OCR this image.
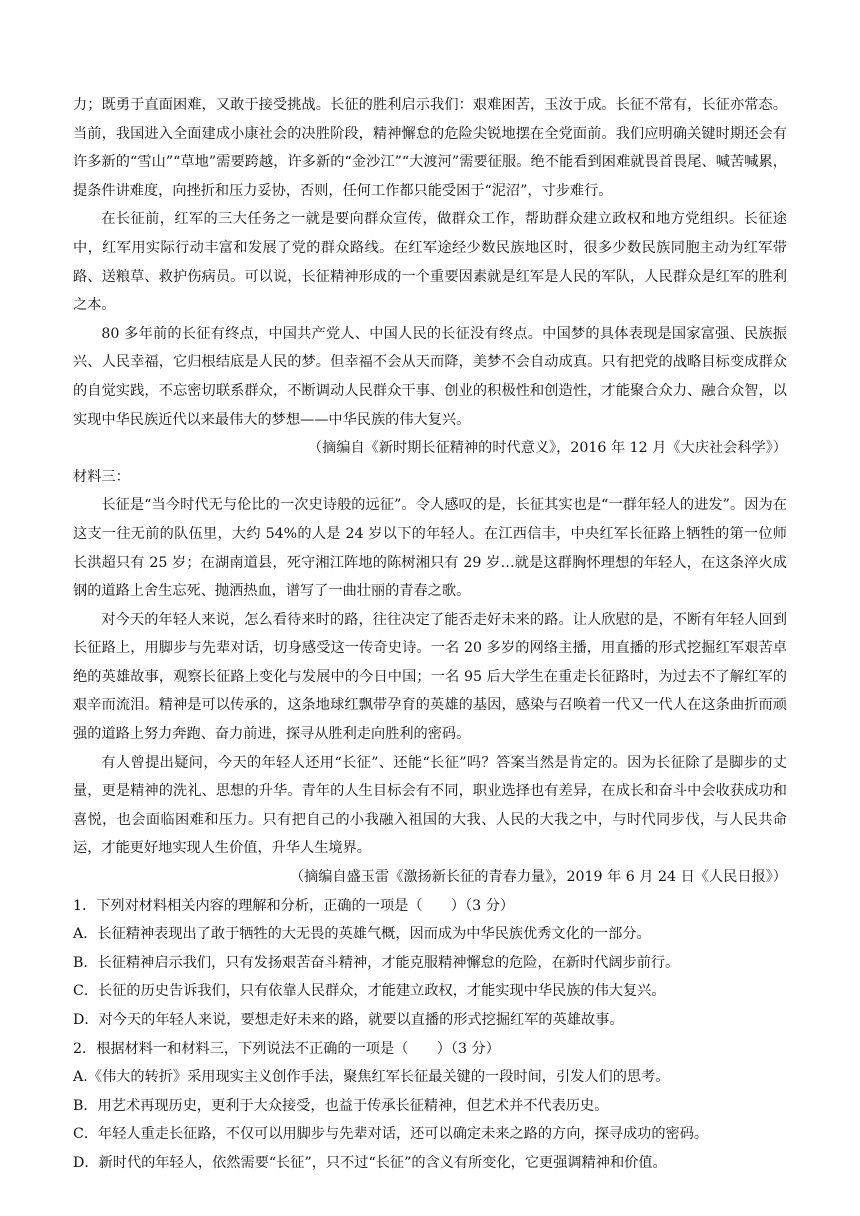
力；既勇于直面困难，又敢于接受挑战。长征的胜利启示我们：艰难困苦，玉汝于成。长征不常有，长征亦常态。当前，我国进入全面建成小康社会的决胜阶段，精神懈怠的危险尖锐地摆在全党面前。我们应明确关键时期还会有许多新的“雪山”“草地”需要跨越，许多新的“金沙江”“大渡河”需要征服。绝不能看到困难就畏首畏尾、喊苦喊累，提条件讲难度，向挫折和压力妥协，否则，任何工作都只能受困于“泥沼”，寸步难行。

在长征前，红军的三大任务之一就是要向群众宣传，做群众工作，帮助群众建立政权和地方党组织。长征途中，红军用实际行动丰富和发展了党的群众路线。在红军途经少数民族地区时，很多少数民族同胞主动为红军带路、送粮草、救护伤病员。可以说，长征精神形成的一个重要因素就是红军是人民的军队，人民群众是红军的胜利之本。

80 多年前的长征有终点，中国共产党人、中国人民的长征没有终点。中国梦的具体表现是国家富强、民族振兴、人民幸福，它归根结底是人民的梦。但幸福不会从天而降，美梦不会自动成真。只有把党的战略目标变成群众的自觉实践，不忘密切联系群众，不断调动人民群众干事、创业的积极性和创造性，才能聚合众力、融合众智，以实现中华民族近代以来最伟大的梦想——中华民族的伟大复兴。

（摘编自《新时期长征精神的时代意义》，2016 年 12 月《大庆社会科学》）

材料三：

长征是“当今时代无与伦比的一次史诗般的远征”。令人感叹的是，长征其实也是“一群年轻人的进发”。因为在这支一往无前的队伍里，大约 54%的人是 24 岁以下的年轻人。在江西信丰，中央红军长征路上牺牲的第一位师长洪超只有 25 岁；在湖南道县，死守湘江阵地的陈树湘只有 29 岁…就是这群胸怀理想的年轻人，在这条淬火成钢的道路上舍生忘死、抛洒热血，谱写了一曲壮丽的青春之歌。

对今天的年轻人来说，怎么看待来时的路，往往决定了能否走好未来的路。让人欣慰的是，不断有年轻人回到长征路上，用脚步与先辈对话，切身感受这一传奇史诗。一名 20 多岁的网络主播，用直播的形式挖掘红军艰苦卓绝的英雄故事，观察长征路上变化与发展中的今日中国；一名 95 后大学生在重走长征路时，为过去不了解红军的艰辛而流泪。精神是可以传承的，这条地球红飘带孕育的英雄的基因，感染与召唤着一代又一代人在这条曲折而顽强的道路上努力奔跑、奋力前进，探寻从胜利走向胜利的密码。

有人曾提出疑问，今天的年轻人还用“长征”、还能“长征”吗？答案当然是肯定的。因为长征除了是脚步的丈量，更是精神的洗礼、思想的升华。青年的人生目标会有不同，职业选择也有差异，在成长和奋斗中会收获成功和喜悦，也会面临困难和压力。只有把自己的小我融入祖国的大我、人民的大我之中，与时代同步伐，与人民共命运，才能更好地实现人生价值，升华人生境界。

（摘编自盛玉雷《激扬新长征的青春力量》，2019 年 6 月 24 日《人民日报》）

1．下列对材料相关内容的理解和分析，正确的一项是（　　）（3 分）

A．长征精神表现出了敢于牺牲的大无畏的英雄气概，因而成为中华民族优秀文化的一部分。

B．长征精神启示我们，只有发扬艰苦奋斗精神，才能克服精神懈怠的危险，在新时代阔步前行。

C．长征的历史告诉我们，只有依靠人民群众，才能建立政权，才能实现中华民族的伟大复兴。

D．对今天的年轻人来说，要想走好未来的路，就要以直播的形式挖掘红军的英雄故事。

2．根据材料一和材料三，下列说法不正确的一项是（　　）（3 分）

A.《伟大的转折》采用现实主义创作手法，聚焦红军长征最关键的一段时间，引发人们的思考。

B．用艺术再现历史，更利于大众接受，也益于传承长征精神，但艺术并不代表历史。

C．年轻人重走长征路，不仅可以用脚步与先辈对话，还可以确定未来之路的方向，探寻成功的密码。

D．新时代的年轻人，依然需要“长征”，只不过“长征”的含义有所变化，它更强调精神和价值。
